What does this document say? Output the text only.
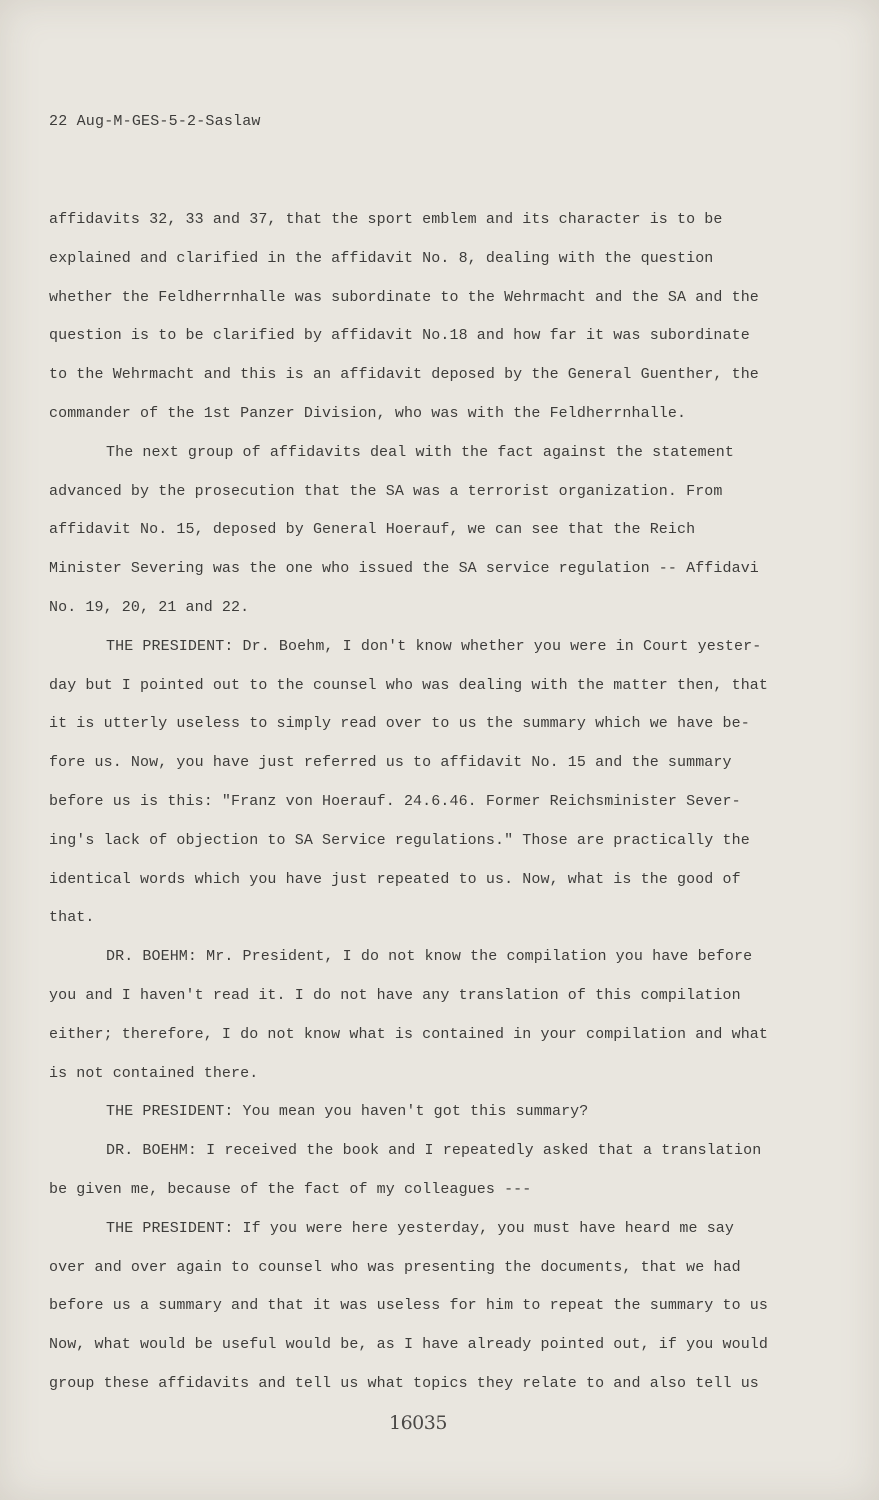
22 Aug-M-GES-5-2-Saslaw
affidavits 32, 33 and 37, that the sport emblem and its character is to be
explained and clarified in the affidavit No. 8, dealing with the question
whether the Feldherrnhalle was subordinate to the Wehrmacht and the SA and the
question is to be clarified by affidavit No.18 and how far it was subordinate
to the Wehrmacht and this is an affidavit deposed by the General Guenther, the
commander of the 1st Panzer Division, who was with the Feldherrnhalle.
The next group of affidavits deal with the fact against the statement
advanced by the prosecution that the SA was a terrorist organization. From
affidavit No. 15, deposed by General Hoerauf, we can see that the Reich
Minister Severing was the one who issued the SA service regulation -- Affidavi
No. 19, 20, 21 and 22.
THE PRESIDENT: Dr. Boehm, I don't know whether you were in Court yester-
day but I pointed out to the counsel who was dealing with the matter then, that
it is utterly useless to simply read over to us the summary which we have be-
fore us. Now, you have just referred us to affidavit No. 15 and the summary
before us is this: "Franz von Hoerauf. 24.6.46. Former Reichsminister Sever-
ing's lack of objection to SA Service regulations." Those are practically the
identical words which you have just repeated to us. Now, what is the good of
that.
DR. BOEHM: Mr. President, I do not know the compilation you have before
you and I haven't read it. I do not have any translation of this compilation
either; therefore, I do not know what is contained in your compilation and what
is not contained there.
THE PRESIDENT: You mean you haven't got this summary?
DR. BOEHM: I received the book and I repeatedly asked that a translation
be given me, because of the fact of my colleagues ---
THE PRESIDENT: If you were here yesterday, you must have heard me say
over and over again to counsel who was presenting the documents, that we had
before us a summary and that it was useless for him to repeat the summary to us
Now, what would be useful would be, as I have already pointed out, if you would
group these affidavits and tell us what topics they relate to and also tell us
16035
